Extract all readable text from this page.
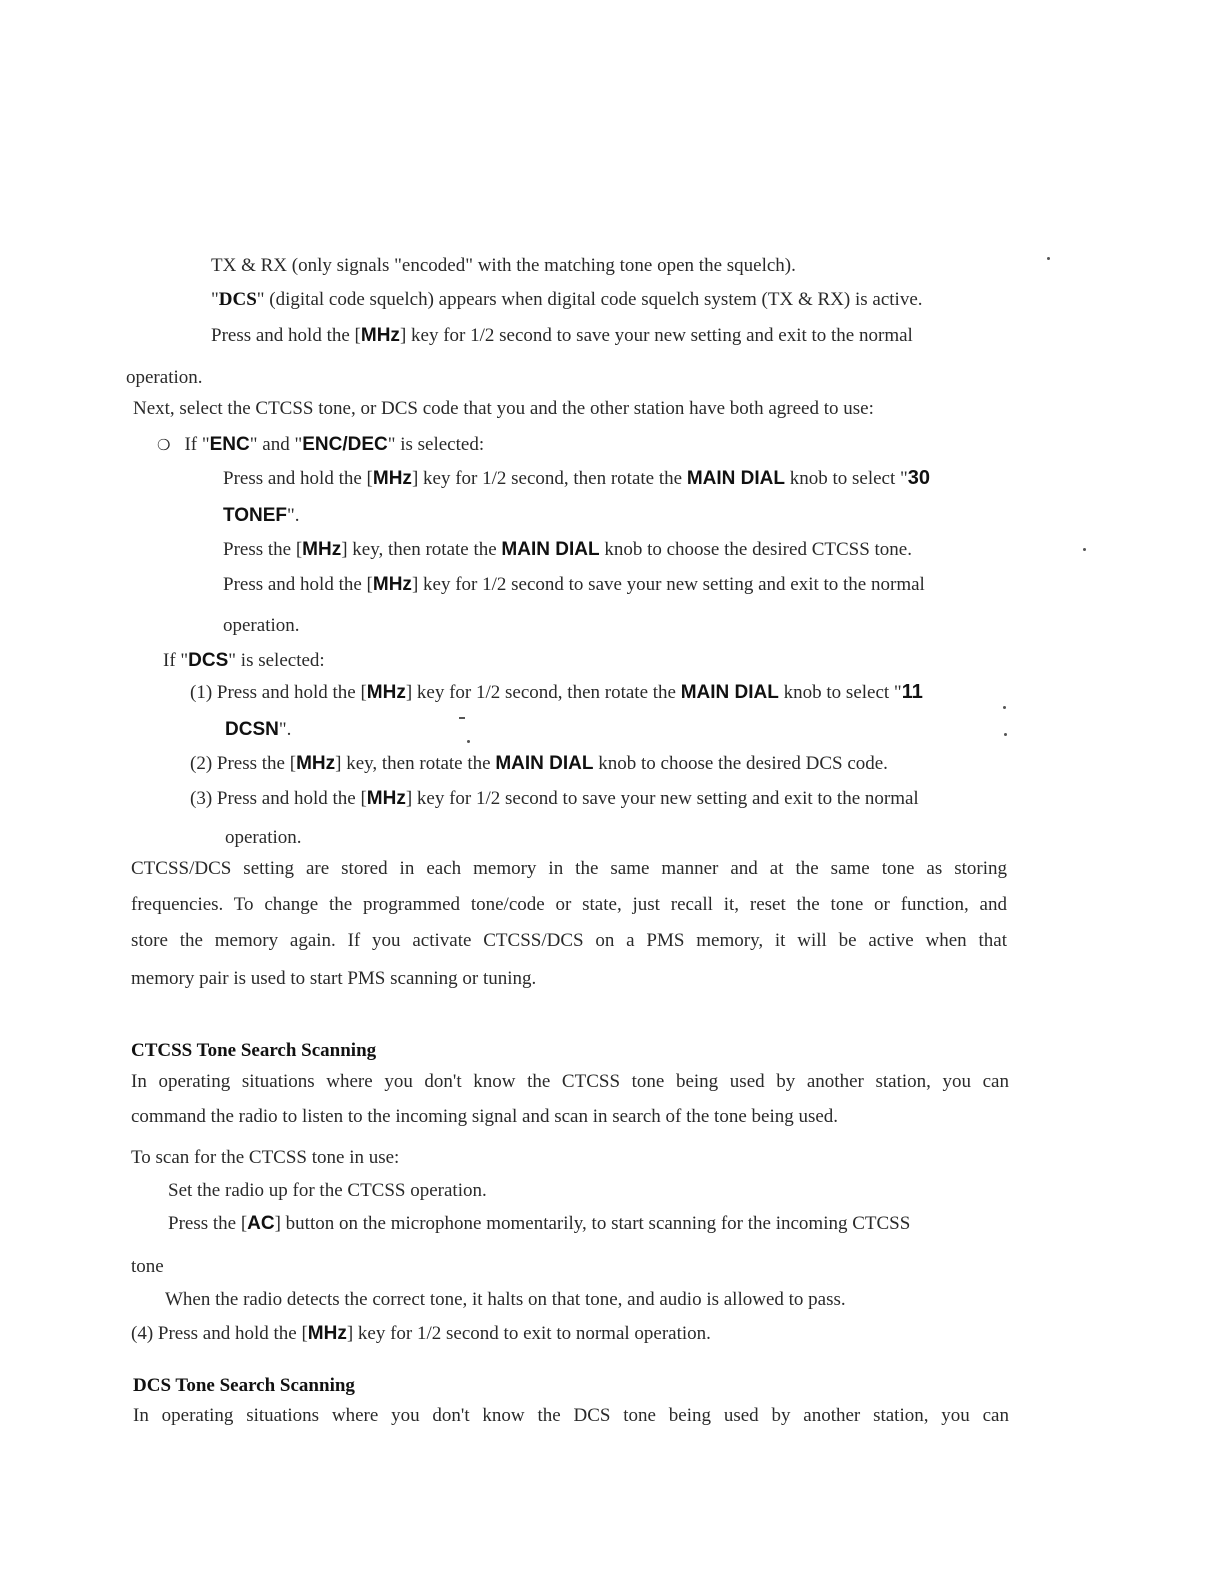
TX & RX (only signals "encoded" with the matching tone open the squelch).
"DCS" (digital code squelch) appears when digital code squelch system (TX & RX) is active.
Press and hold the [MHz] key for 1/2 second to save your new setting and exit to the normal
operation.
Next, select the CTCSS tone, or DCS code that you and the other station have both agreed to use:
❍ If "ENC" and "ENC/DEC" is selected:
Press and hold the [MHz] key for 1/2 second, then rotate the MAIN DIAL knob to select "30
TONEF".
Press the [MHz] key, then rotate the MAIN DIAL knob to choose the desired CTCSS tone.
Press and hold the [MHz] key for 1/2 second to save your new setting and exit to the normal
operation.
If "DCS" is selected:
(1) Press and hold the [MHz] key for 1/2 second, then rotate the MAIN DIAL knob to select "11
DCSN".
(2) Press the [MHz] key, then rotate the MAIN DIAL knob to choose the desired DCS code.
(3) Press and hold the [MHz] key for 1/2 second to save your new setting and exit to the normal
operation.
CTCSS/DCS setting are stored in each memory in the same manner and at the same tone as storing
frequencies. To change the programmed tone/code or state, just recall it, reset the tone or function, and
store the memory again. If you activate CTCSS/DCS on a PMS memory, it will be active when that
memory pair is used to start PMS scanning or tuning.
CTCSS Tone Search Scanning
In operating situations where you don't know the CTCSS tone being used by another station, you can
command the radio to listen to the incoming signal and scan in search of the tone being used.
To scan for the CTCSS tone in use:
Set the radio up for the CTCSS operation.
Press the [AC] button on the microphone momentarily, to start scanning for the incoming CTCSS
tone
When the radio detects the correct tone, it halts on that tone, and audio is allowed to pass.
(4) Press and hold the [MHz] key for 1/2 second to exit to normal operation.
DCS Tone Search Scanning
In operating situations where you don't know the DCS tone being used by another station, you can
